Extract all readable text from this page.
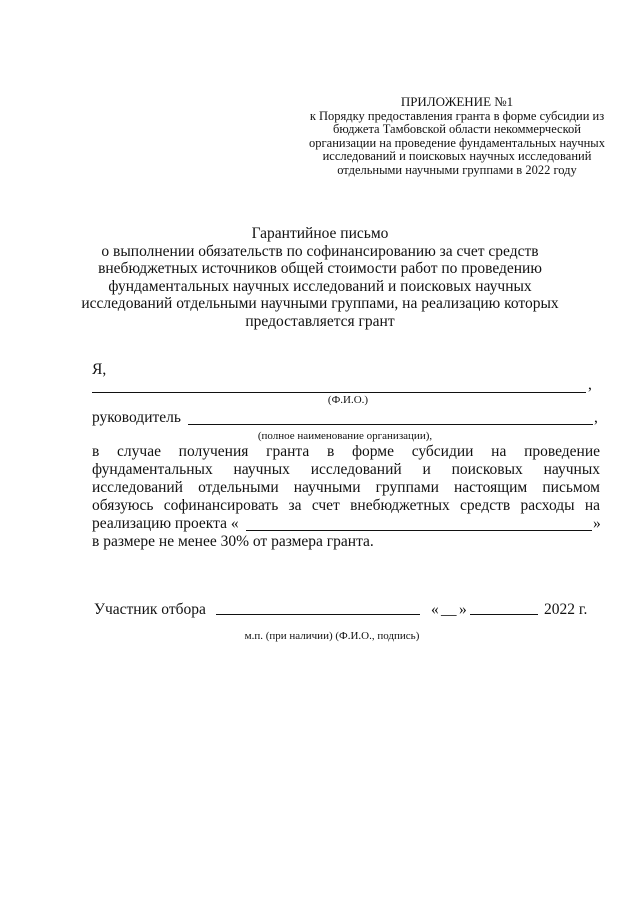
ПРИЛОЖЕНИЕ №1
к Порядку предоставления гранта в форме субсидии из
бюджета Тамбовской области некоммерческой
организации на проведение фундаментальных научных
исследований и поисковых научных исследований
отдельными научными группами в 2022 году
Гарантийное письмо
о выполнении обязательств по софинансированию за счет средств
внебюджетных источников общей стоимости работ по проведению
фундаментальных научных исследований и поисковых научных
исследований отдельными научными группами, на реализацию которых
предоставляется грант
Я,
,
(Ф.И.О.)
руководитель	,
(полное наименование организации),
в случае получения гранта в форме субсидии на проведение
фундаментальных научных исследований и поисковых научных
исследований отдельными научными группами настоящим письмом
обязуюсь софинансировать за счет внебюджетных средств расходы на
реализацию проекта «	»
в размере не менее 30% от размера гранта.
Участник отбора	« __ »	2022 г.
м.п. (при наличии) (Ф.И.О., подпись)
